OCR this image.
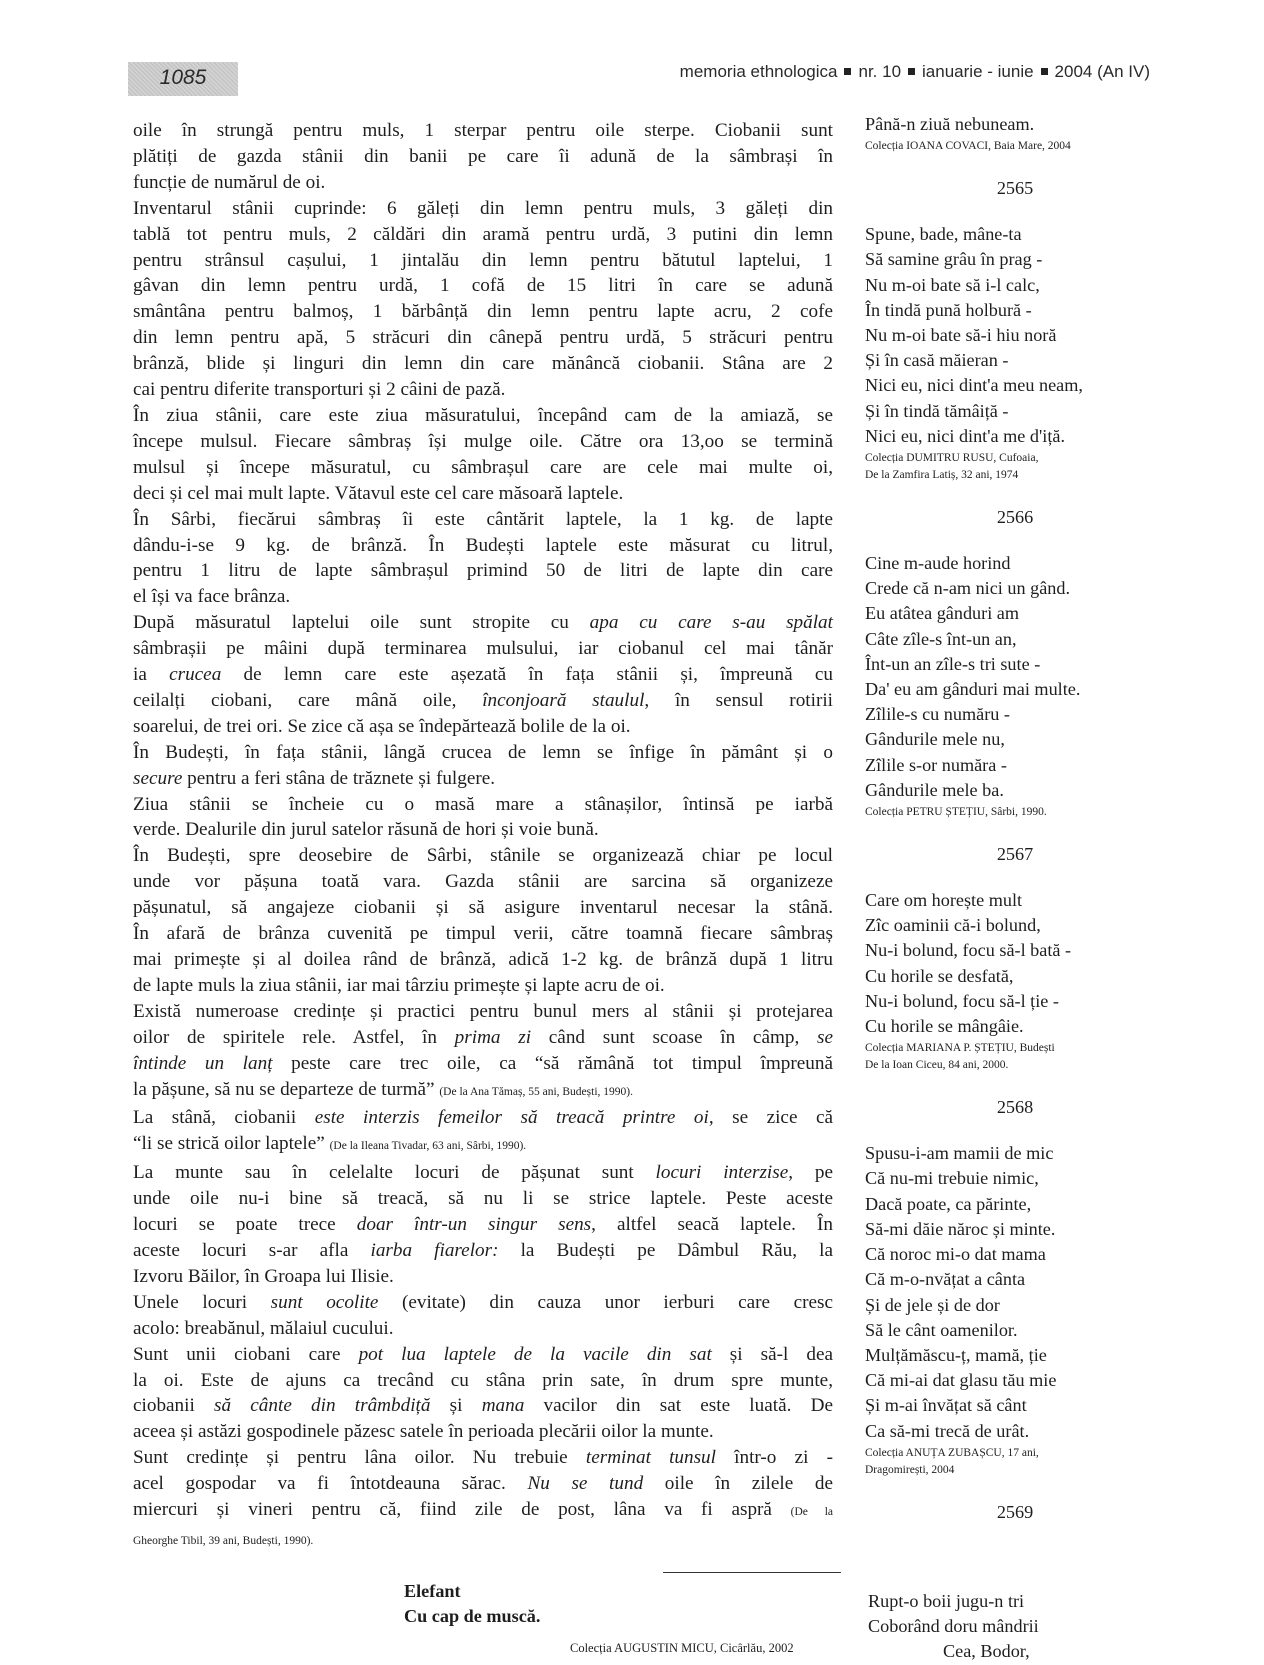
1085	memoria ethnologica nr. 10 ianuarie - iunie 2004 (An IV)
oile în strungă pentru muls, 1 sterpar pentru oile sterpe. Ciobanii sunt
plătiți de gazda stânii din banii pe care îi adună de la sâmbrași în
funcție de numărul de oi.
Inventarul stânii cuprinde: 6 găleți din lemn pentru muls, 3 găleți din
tablă tot pentru muls, 2 căldări din aramă pentru urdă, 3 putini din lemn
pentru strânsul cașului, 1 jintalău din lemn pentru bătutul laptelui, 1
gâvan din lemn pentru urdă, 1 cofă de 15 litri în care se adună
smântâna pentru balmoș, 1 bărbânță din lemn pentru lapte acru, 2 cofe
din lemn pentru apă, 5 străcuri din cânepă pentru urdă, 5 străcuri pentru
brânză, blide și linguri din lemn din care mănâncă ciobanii. Stâna are 2
cai pentru diferite transporturi și 2 câini de pază.
În ziua stânii, care este ziua măsuratului, începând cam de la amiază, se
începe mulsul. Fiecare sâmbraș își mulge oile. Către ora 13,oo se termină
mulsul și începe măsuratul, cu sâmbrașul care are cele mai multe oi,
deci și cel mai mult lapte. Vătavul este cel care măsoară laptele.
În Sârbi, fiecărui sâmbraș îi este cântărit laptele, la 1 kg. de lapte
dându-i-se 9 kg. de brânză. În Budești laptele este măsurat cu litrul,
pentru 1 litru de lapte sâmbrașul primind 50 de litri de lapte din care
el își va face brânza.
După măsuratul laptelui oile sunt stropite cu apa cu care s-au spălat
sâmbrașii pe mâini după terminarea mulsului, iar ciobanul cel mai tânăr
ia crucea de lemn care este așezată în fața stânii și, împreună cu
ceilalți ciobani, care mână oile, înconjoară staulul, în sensul rotirii
soarelui, de trei ori. Se zice că așa se îndepărtează bolile de la oi.
În Budești, în fața stânii, lângă crucea de lemn se înfige în pământ și o
secure pentru a feri stâna de trăznete și fulgere.
Ziua stânii se încheie cu o masă mare a stânașilor, întinsă pe iarbă
verde. Dealurile din jurul satelor răsună de hori și voie bună.
În Budești, spre deosebire de Sârbi, stânile se organizează chiar pe locul
unde vor pășuna toată vara. Gazda stânii are sarcina să organizeze
pășunatul, să angajeze ciobanii și să asigure inventarul necesar la stână.
În afară de brânza cuvenită pe timpul verii, către toamnă fiecare sâmbraș
mai primește și al doilea rând de brânză, adică 1-2 kg. de brânză după 1 litru
de lapte muls la ziua stânii, iar mai târziu primește și lapte acru de oi.
Există numeroase credințe și practici pentru bunul mers al stânii și protejarea
oilor de spiritele rele. Astfel, în prima zi când sunt scoase în câmp, se
întinde un lanț peste care trec oile, ca “să rămână tot timpul împreună
la pășune, să nu se departeze de turmă” (De la Ana Tămaș, 55 ani, Budești, 1990).
La stână, ciobanii este interzis femeilor să treacă printre oi, se zice că
“li se strică oilor laptele” (De la Ileana Tivadar, 63 ani, Sârbi, 1990).
La munte sau în celelalte locuri de pășunat sunt locuri interzise, pe
unde oile nu-i bine să treacă, să nu li se strice laptele. Peste aceste
locuri se poate trece doar într-un singur sens, altfel seacă laptele. În
aceste locuri s-ar afla iarba fiarelor: la Budești pe Dâmbul Rău, la
Izvoru Băilor, în Groapa lui Ilisie.
Unele locuri sunt ocolite (evitate) din cauza unor ierburi care cresc
acolo: breabănul, mălaiul cucului.
Sunt unii ciobani care pot lua laptele de la vacile din sat și să-l dea
la oi. Este de ajuns ca trecând cu stâna prin sate, în drum spre munte,
ciobanii să cânte din trâmbdiță și mana vacilor din sat este luată. De
aceea și astăzi gospodinele păzesc satele în perioada plecării oilor la munte.
Sunt credințe și pentru lâna oilor. Nu trebuie terminat tunsul într-o zi -
acel gospodar va fi întotdeauna sărac. Nu se tund oile în zilele de
miercuri și vineri pentru că, fiind zile de post, lâna va fi aspră (De la
Gheorghe Tibil, 39 ani, Budești, 1990).
Până-n ziuă nebuneam.
Colecția IOANA COVACI, Baia Mare, 2004
2565
Spune, bade, mâne-ta
Să samine grâu în prag -
Nu m-oi bate să i-l calc,
În tindă pună holbură -
Nu m-oi bate să-i hiu noră
Și în casă măieran -
Nici eu, nici dint'a meu neam,
Și în tindă tămâiță -
Nici eu, nici dint'a me d'iță.
Colecția DUMITRU RUSU, Cufoaia,
De la Zamfira Latiș, 32 ani, 1974
2566
Cine m-aude horind
Crede că n-am nici un gând.
Eu atâtea gânduri am
Câte zîle-s înt-un an,
Înt-un an zîle-s tri sute -
Da' eu am gânduri mai multe.
Zîlile-s cu număru -
Gândurile mele nu,
Zîlile s-or număra -
Gândurile mele ba.
Colecția PETRU ȘTEȚIU, Sârbi, 1990.
2567
Care om horește mult
Zîc oaminii că-i bolund,
Nu-i bolund, focu să-l bată -
Cu horile se desfată,
Nu-i bolund, focu să-l ție -
Cu horile se mângâie.
Colecția MARIANA P. ȘTEȚIU, Budești
De la Ioan Ciceu, 84 ani, 2000.
2568
Spusu-i-am mamii de mic
Că nu-mi trebuie nimic,
Dacă poate, ca părinte,
Să-mi dăie năroc și minte.
Că noroc mi-o dat mama
Că m-o-nvățat a cânta
Și de jele și de dor
Să le cânt oamenilor.
Mulțămăscu-ț, mamă, ție
Că mi-ai dat glasu tău mie
Și m-ai învățat să cânt
Ca să-mi trecă de urât.
Colecția ANUȚA ZUBAȘCU, 17 ani,
Dragomirești, 2004
2569
Elefant
Cu cap de muscă.
Colecția AUGUSTIN MICU, Cicârlău, 2002
Rupt-o boii jugu-n tri
Coborând doru mândrii
Cea, Bodor,
